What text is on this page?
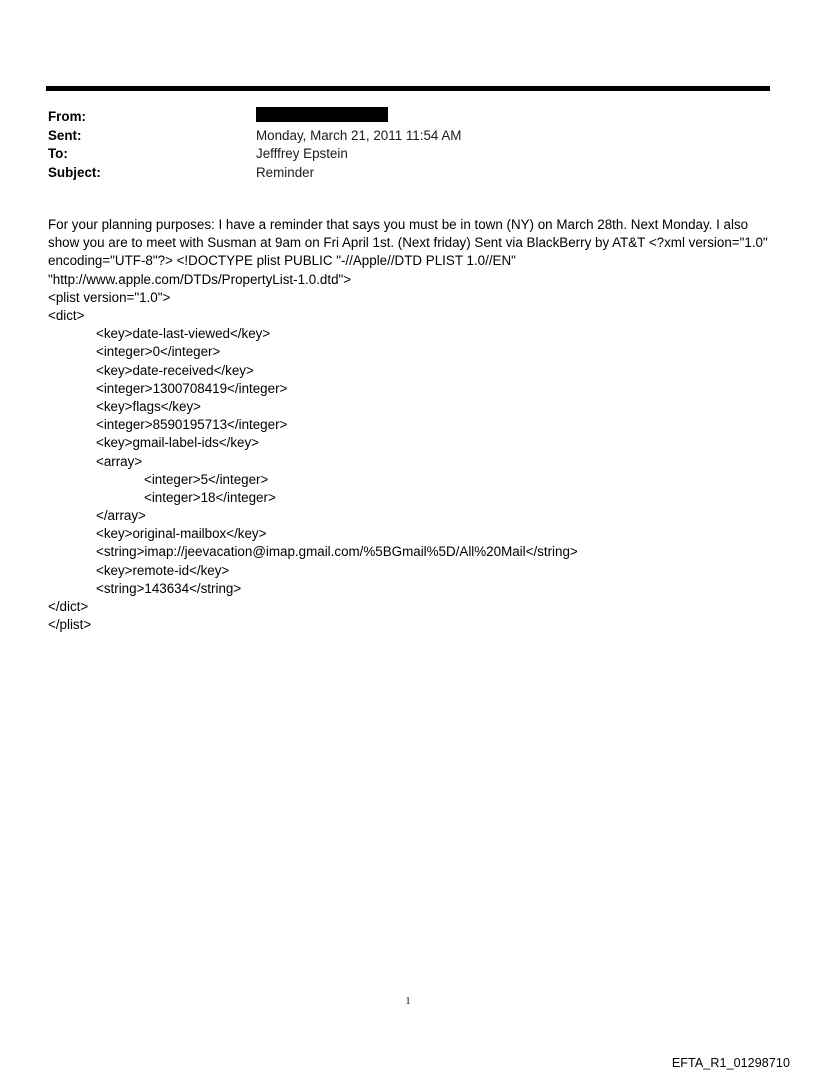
From:
Sent:	Monday, March 21, 2011 11:54 AM
To:	Jefffrey Epstein
Subject:	Reminder

For your planning purposes: I have a reminder that says you must be in town (NY) on March 28th. Next Monday. I also show you are to meet with Susman at 9am on Fri April 1st. (Next friday) Sent via BlackBerry by AT&T <?xml version="1.0" encoding="UTF-8"?> <!DOCTYPE plist PUBLIC "-//Apple//DTD PLIST 1.0//EN" "http://www.apple.com/DTDs/PropertyList-1.0.dtd">

<plist version="1.0">
<dict>
<key>date-last-viewed</key>
<integer>0</integer>
<key>date-received</key>
<integer>1300708419</integer>
<key>flags</key>
<integer>8590195713</integer>
<key>gmail-label-ids</key>
<array>
<integer>5</integer>
<integer>18</integer>
</array>
<key>original-mailbox</key>
<string>imap://jeevacation@imap.gmail.com/%5BGmail%5D/All%20Mail</string>
<key>remote-id</key>
<string>143634</string>
</dict>
</plist>
1
EFTA_R1_01298710
